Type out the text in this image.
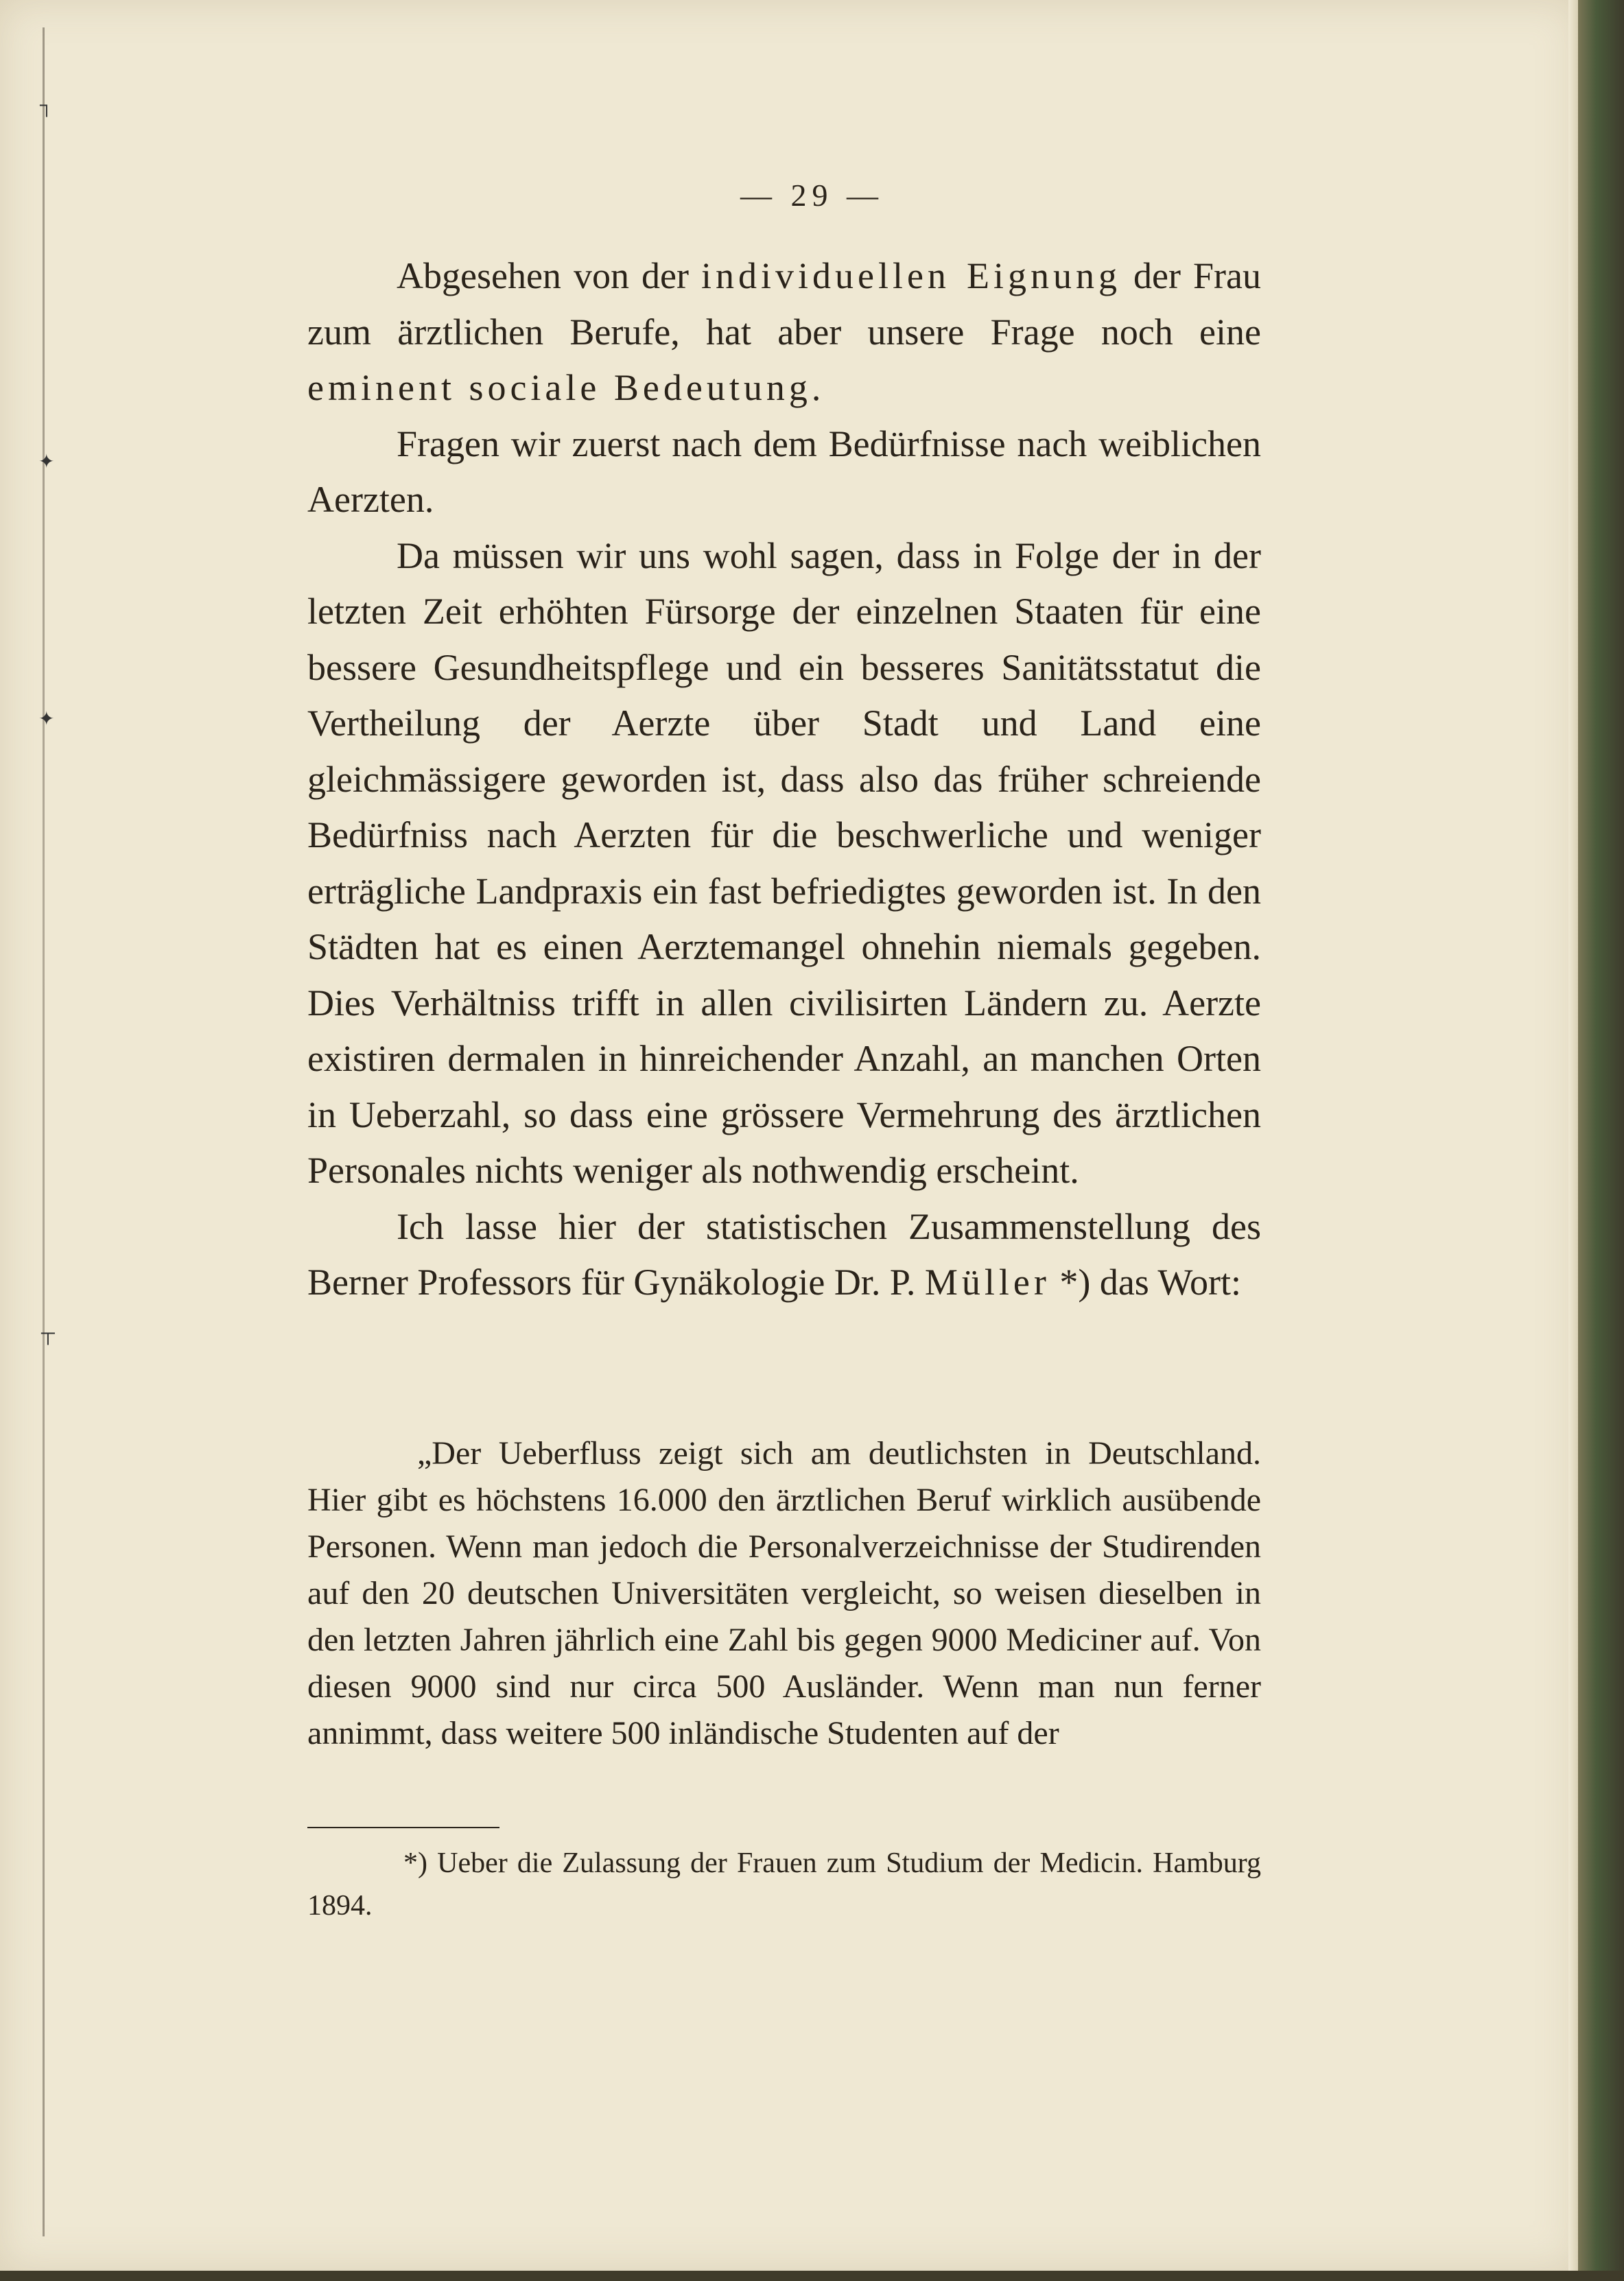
┐
✦
✦
┬
— 29 —

Abgesehen von der individuellen Eignung der Frau zum ärztlichen Berufe, hat aber unsere Frage noch eine eminent sociale Bedeutung.

Fragen wir zuerst nach dem Bedürfnisse nach weiblichen Aerzten.

Da müssen wir uns wohl sagen, dass in Folge der in der letzten Zeit erhöhten Fürsorge der einzelnen Staaten für eine bessere Gesundheitspflege und ein besseres Sanitätsstatut die Vertheilung der Aerzte über Stadt und Land eine gleichmässigere geworden ist, dass also das früher schreiende Bedürfniss nach Aerzten für die beschwerliche und weniger erträgliche Landpraxis ein fast befriedigtes geworden ist. In den Städten hat es einen Aerztemangel ohnehin niemals gegeben. Dies Verhältniss trifft in allen civilisirten Ländern zu. Aerzte existiren dermalen in hinreichender Anzahl, an manchen Orten in Ueberzahl, so dass eine grössere Vermehrung des ärztlichen Personales nichts weniger als nothwendig erscheint.

Ich lasse hier der statistischen Zusammenstellung des Berner Professors für Gynäkologie Dr. P. Müller *) das Wort:

„Der Ueberfluss zeigt sich am deutlichsten in Deutschland. Hier gibt es höchstens 16.000 den ärztlichen Beruf wirklich ausübende Personen. Wenn man jedoch die Personalverzeichnisse der Studirenden auf den 20 deutschen Universitäten vergleicht, so weisen dieselben in den letzten Jahren jährlich eine Zahl bis gegen 9000 Mediciner auf. Von diesen 9000 sind nur circa 500 Ausländer. Wenn man nun ferner annimmt, dass weitere 500 inländische Studenten auf der

*) Ueber die Zulassung der Frauen zum Studium der Medicin. Hamburg 1894.
